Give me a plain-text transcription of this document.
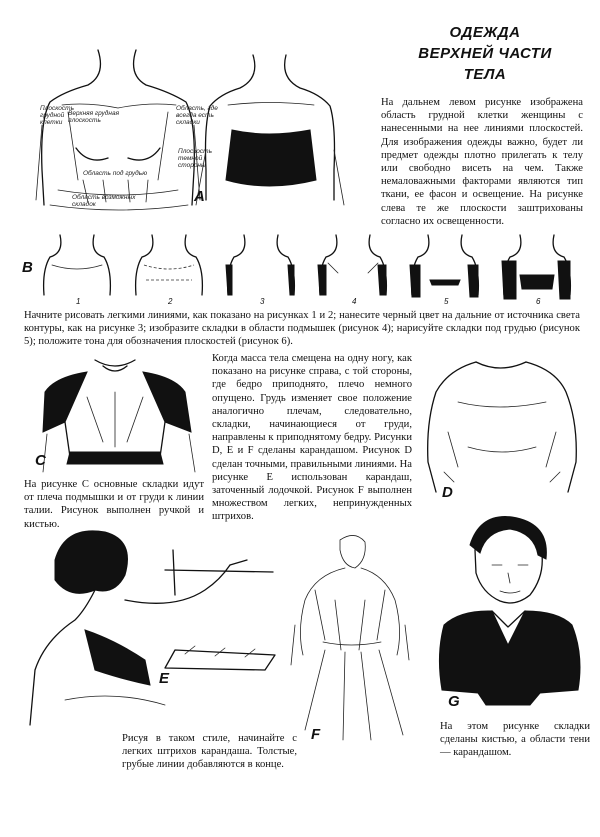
ОДЕЖДА
ВЕРХНЕЙ ЧАСТИ
ТЕЛА
На дальнем левом рисунке изображена область грудной клетки женщины с нанесенными на нее линиями плоскостей. Для изображения одежды важно, будет ли предмет одежды плотно прилегать к телу или свободно висеть на чем. Также немаловажными факторами являются тип ткани, ее фасон и освещение. На рисунке слева те же плоскости заштрихованы согласно их освещенности.
Верхняя грудная плоскость
Область, где всегда есть складки
Плоскость грудной клетки
Плоскость темной стороны
Область под грудью
Область возможных складок	A
B
1	2	3	4	5	6
Начните рисовать легкими линиями, как показано на рисунках 1 и 2; нанесите черный цвет на дальние от источника света контуры, как на рисунке 3; изобразите складки в области подмышек (рисунок 4); нарисуйте складки под грудью (рисунок 5); положите тона для обозначения плоскостей (рисунок 6).
C
На рисунке C основные складки идут от плеча подмышки и от груди к линии талии. Рисунок выполнен ручкой и кистью.
Когда масса тела смещена на одну ногу, как показано на рисунке справа, с той стороны, где бедро приподнято, плечо немного опущено. Грудь изменяет свое положение аналогично плечам, следовательно, складки, начинающиеся от груди, направлены к приподнятому бедру. Рисунки D, E и F сделаны карандашом. Рисунок D сделан точными, правильными линиями. На рисунке E использован карандаш, заточенный лодочкой. Рисунок F выполнен множеством легких, непринужденных штрихов.
D
E
Рисуя в таком стиле, начинайте с легких штрихов карандаша. Толстые, грубые линии добавляются в конце.
F
G
На этом рисунке складки сделаны кистью, а области тени — карандашом.
